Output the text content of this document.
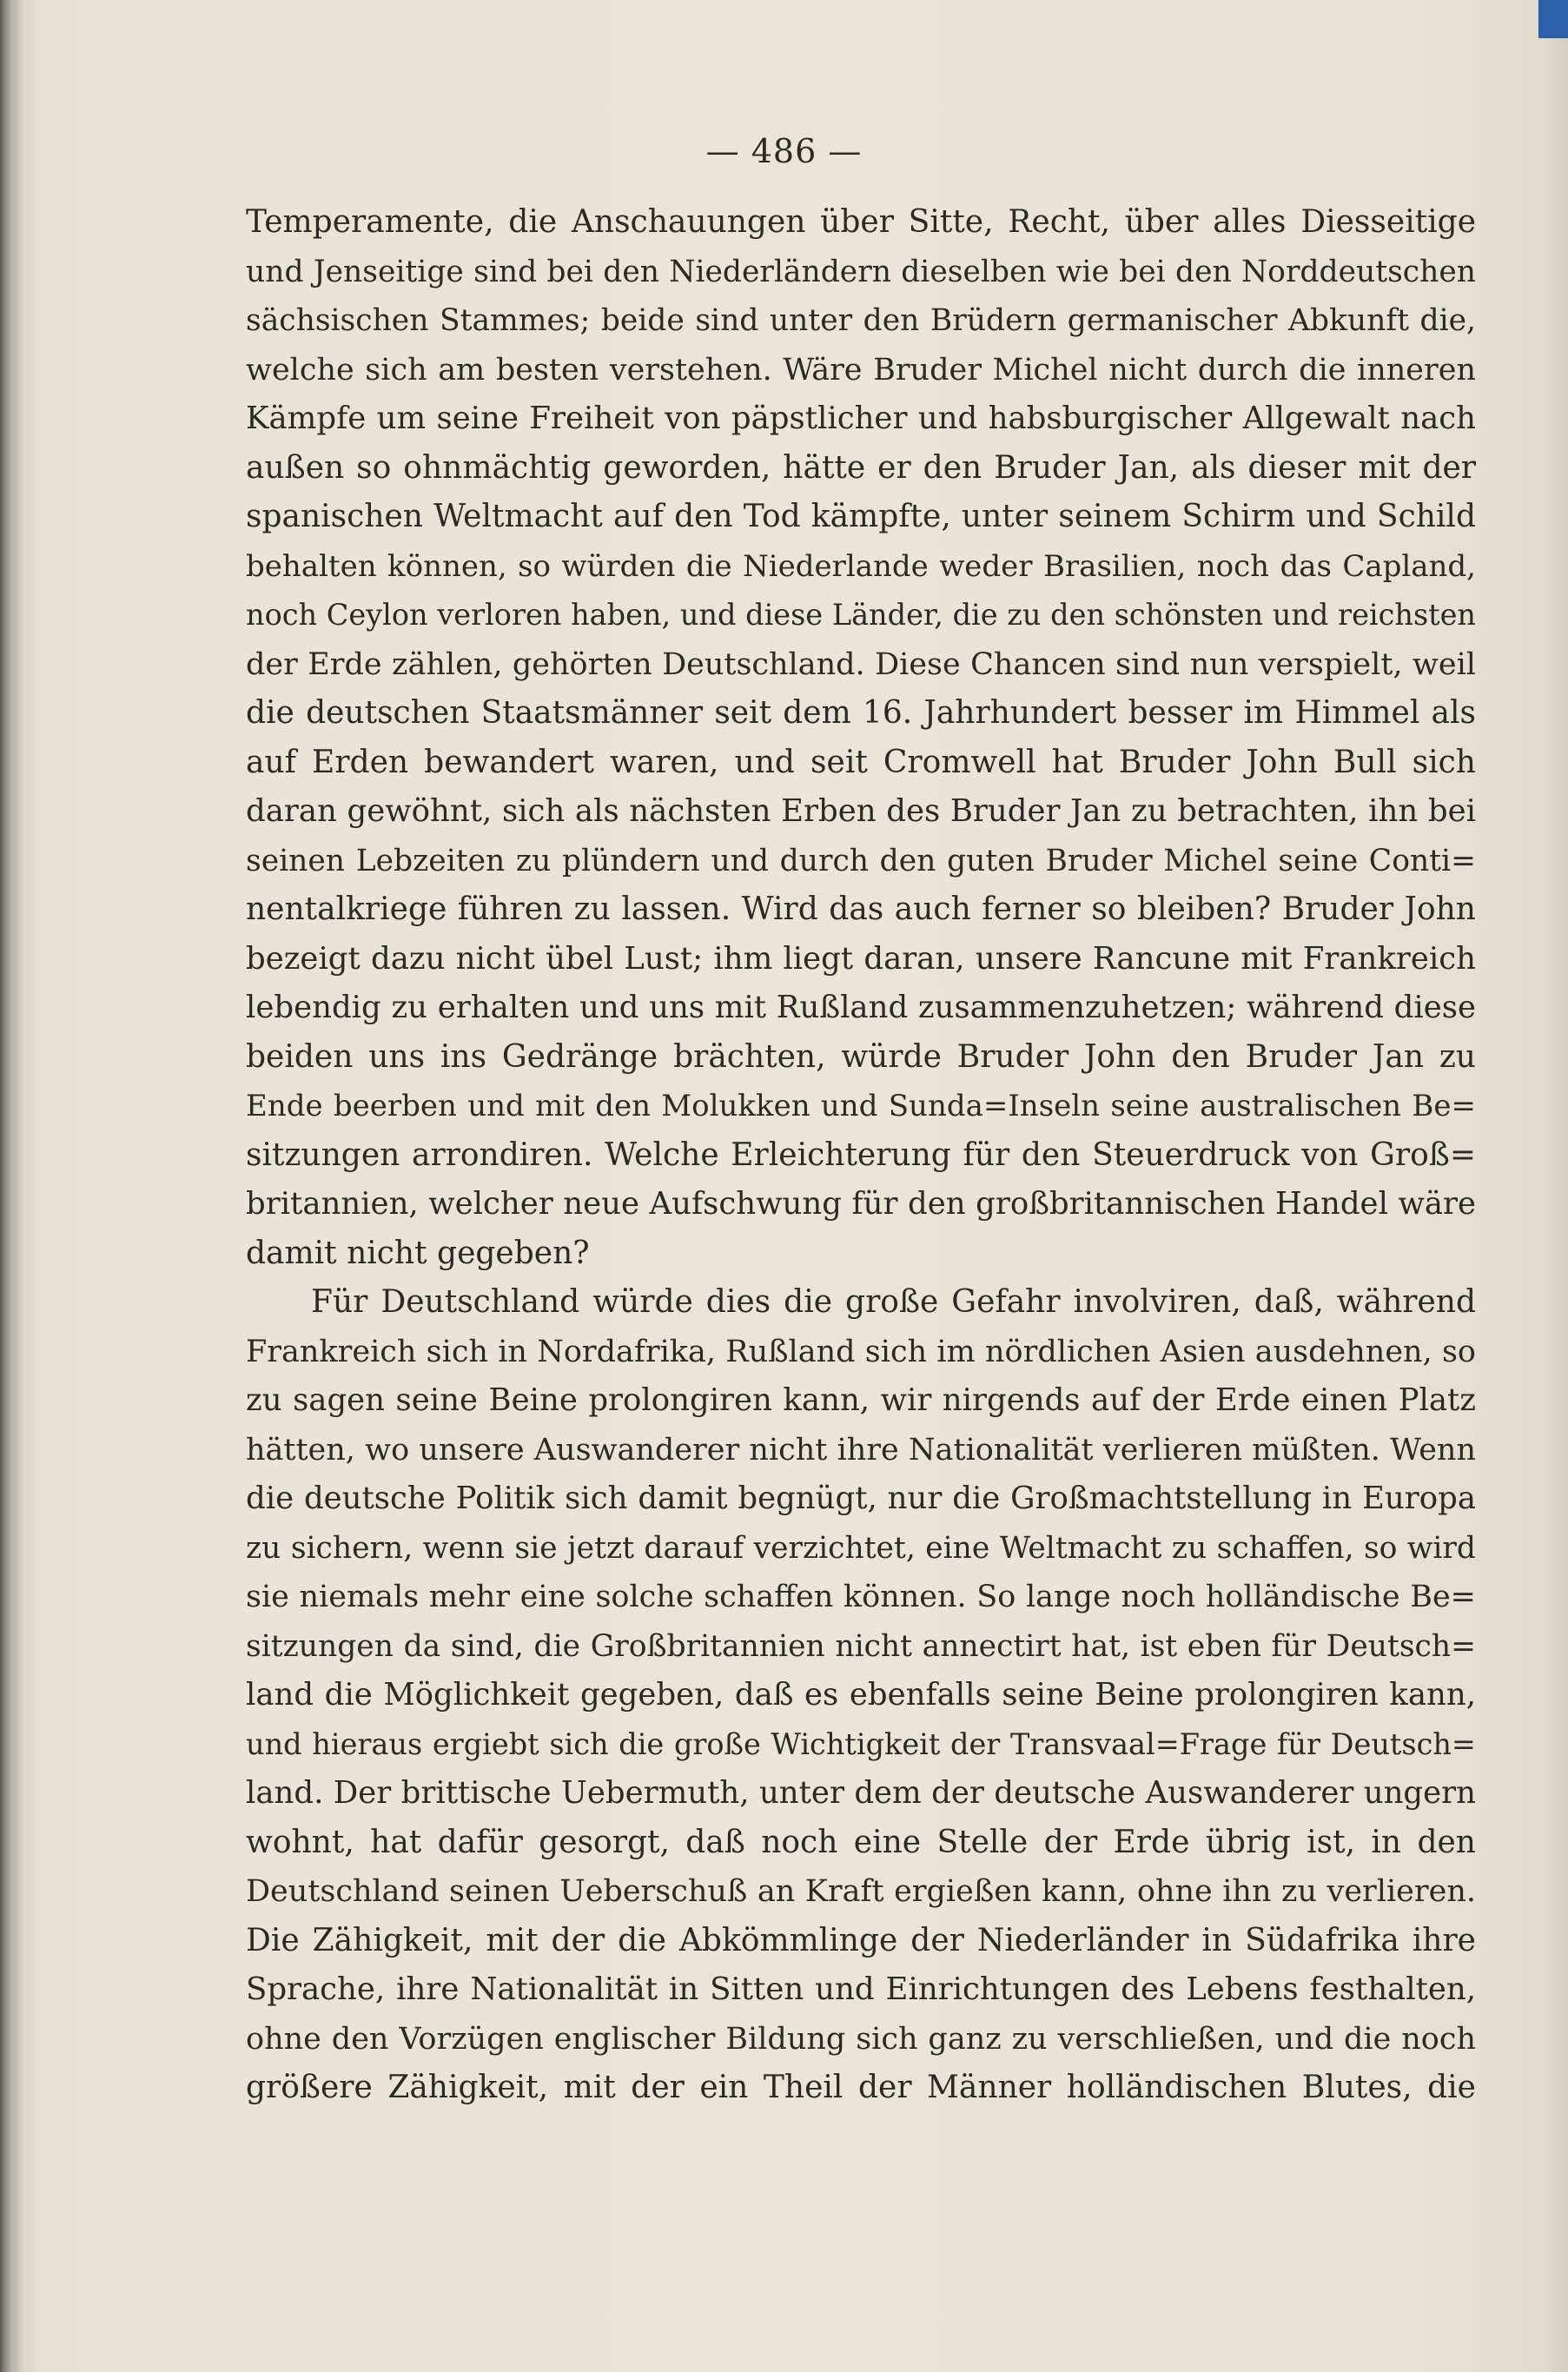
— 486 —
Temperamente, die Anschauungen über Sitte, Recht, über alles Diesseitige
und Jenseitige sind bei den Niederländern dieselben wie bei den Norddeutschen
sächsischen Stammes; beide sind unter den Brüdern germanischer Abkunft die,
welche sich am besten verstehen. Wäre Bruder Michel nicht durch die inneren
Kämpfe um seine Freiheit von päpstlicher und habsburgischer Allgewalt nach
außen so ohnmächtig geworden, hätte er den Bruder Jan, als dieser mit der
spanischen Weltmacht auf den Tod kämpfte, unter seinem Schirm und Schild
behalten können, so würden die Niederlande weder Brasilien, noch das Capland,
noch Ceylon verloren haben, und diese Länder, die zu den schönsten und reichsten
der Erde zählen, gehörten Deutschland. Diese Chancen sind nun verspielt, weil
die deutschen Staatsmänner seit dem 16. Jahrhundert besser im Himmel als
auf Erden bewandert waren, und seit Cromwell hat Bruder John Bull sich
daran gewöhnt, sich als nächsten Erben des Bruder Jan zu betrachten, ihn bei
seinen Lebzeiten zu plündern und durch den guten Bruder Michel seine Conti=
nentalkriege führen zu lassen. Wird das auch ferner so bleiben? Bruder John
bezeigt dazu nicht übel Lust; ihm liegt daran, unsere Rancune mit Frankreich
lebendig zu erhalten und uns mit Rußland zusammenzuhetzen; während diese
beiden uns ins Gedränge brächten, würde Bruder John den Bruder Jan zu
Ende beerben und mit den Molukken und Sunda=Inseln seine australischen Be=
sitzungen arrondiren. Welche Erleichterung für den Steuerdruck von Groß=
britannien, welcher neue Aufschwung für den großbritannischen Handel wäre
damit nicht gegeben?
Für Deutschland würde dies die große Gefahr involviren, daß, während
Frankreich sich in Nordafrika, Rußland sich im nördlichen Asien ausdehnen, so
zu sagen seine Beine prolongiren kann, wir nirgends auf der Erde einen Platz
hätten, wo unsere Auswanderer nicht ihre Nationalität verlieren müßten. Wenn
die deutsche Politik sich damit begnügt, nur die Großmachtstellung in Europa
zu sichern, wenn sie jetzt darauf verzichtet, eine Weltmacht zu schaffen, so wird
sie niemals mehr eine solche schaffen können. So lange noch holländische Be=
sitzungen da sind, die Großbritannien nicht annectirt hat, ist eben für Deutsch=
land die Möglichkeit gegeben, daß es ebenfalls seine Beine prolongiren kann,
und hieraus ergiebt sich die große Wichtigkeit der Transvaal=Frage für Deutsch=
land. Der brittische Uebermuth, unter dem der deutsche Auswanderer ungern
wohnt, hat dafür gesorgt, daß noch eine Stelle der Erde übrig ist, in den
Deutschland seinen Ueberschuß an Kraft ergießen kann, ohne ihn zu verlieren.
Die Zähigkeit, mit der die Abkömmlinge der Niederländer in Südafrika ihre
Sprache, ihre Nationalität in Sitten und Einrichtungen des Lebens festhalten,
ohne den Vorzügen englischer Bildung sich ganz zu verschließen, und die noch
größere Zähigkeit, mit der ein Theil der Männer holländischen Blutes, die
